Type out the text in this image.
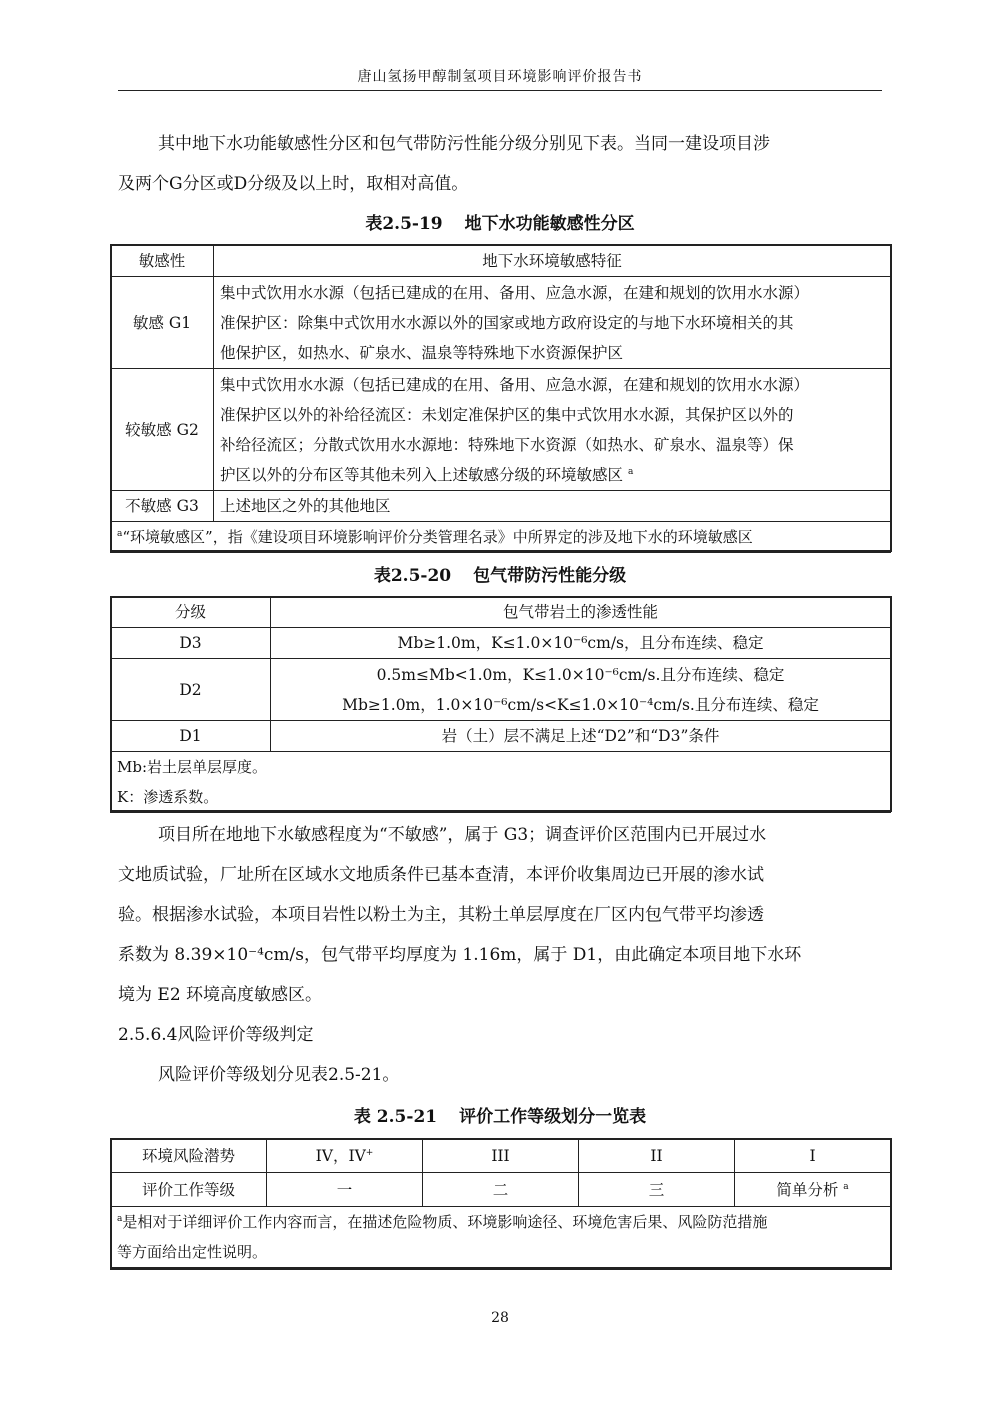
唐山氢扬甲醇制氢项目环境影响评价报告书
其中地下水功能敏感性分区和包气带防污性能分级分别见下表。当同一建设项目涉
及两个G分区或D分级及以上时，取相对高值。
表2.5-19 地下水功能敏感性分区
敏感性	地下水环境敏感特征
敏感 G1	集中式饮用水水源（包括已建成的在用、备用、应急水源，在建和规划的饮用水水源）
准保护区：除集中式饮用水水源以外的国家或地方政府设定的与地下水环境相关的其
他保护区，如热水、矿泉水、温泉等特殊地下水资源保护区

较敏感 G2	集中式饮用水水源（包括已建成的在用、备用、应急水源，在建和规划的饮用水水源）
准保护区以外的补给径流区：未划定准保护区的集中式饮用水水源，其保护区以外的
补给径流区；分散式饮用水水源地：特殊地下水资源（如热水、矿泉水、温泉等）保
护区以外的分布区等其他未列入上述敏感分级的环境敏感区 $^a$

不敏感 G3	上述地区之外的其他地区
$^a$“环境敏感区”，指《建设项目环境影响评价分类管理名录》中所界定的涉及地下水的环境敏感区	
表2.5-20 包气带防污性能分级
分级	包气带岩土的渗透性能
D3	Mb≥1.0m，K≤1.0×10⁻⁶cm/s，且分布连续、稳定
D2	0.5m≤Mb<1.0m，K≤1.0×10⁻⁶cm/s.且分布连续、稳定
Mb≥1.0m，1.0×10⁻⁶cm/s<K≤1.0×10⁻⁴cm/s.且分布连续、稳定

D1	岩（土）层不满足上述“D2”和“D3”条件

Mb:岩土层单层厚度。
K：渗透系数。	
项目所在地地下水敏感程度为“不敏感”，属于 G3；调查评价区范围内已开展过水
文地质试验，厂址所在区域水文地质条件已基本查清，本评价收集周边已开展的渗水试
验。根据渗水试验，本项目岩性以粉土为主，其粉土单层厚度在厂区内包气带平均渗透
系数为 8.39×10⁻⁴cm/s，包气带平均厚度为 1.16m，属于 D1，由此确定本项目地下水环
境为 E2 环境高度敏感区。
2.5.6.4风险评价等级判定
风险评价等级划分见表2.5-21。
表 2.5-21 评价工作等级划分一览表
环境风险潜势	IV，IV+	III	II	I
评价工作等级	一	二	三	简单分析 $^a$

$^a$是相对于详细评价工作内容而言，在描述危险物质、环境影响途径、环境危害后果、风险防范措施
等方面给出定性说明。				
28
